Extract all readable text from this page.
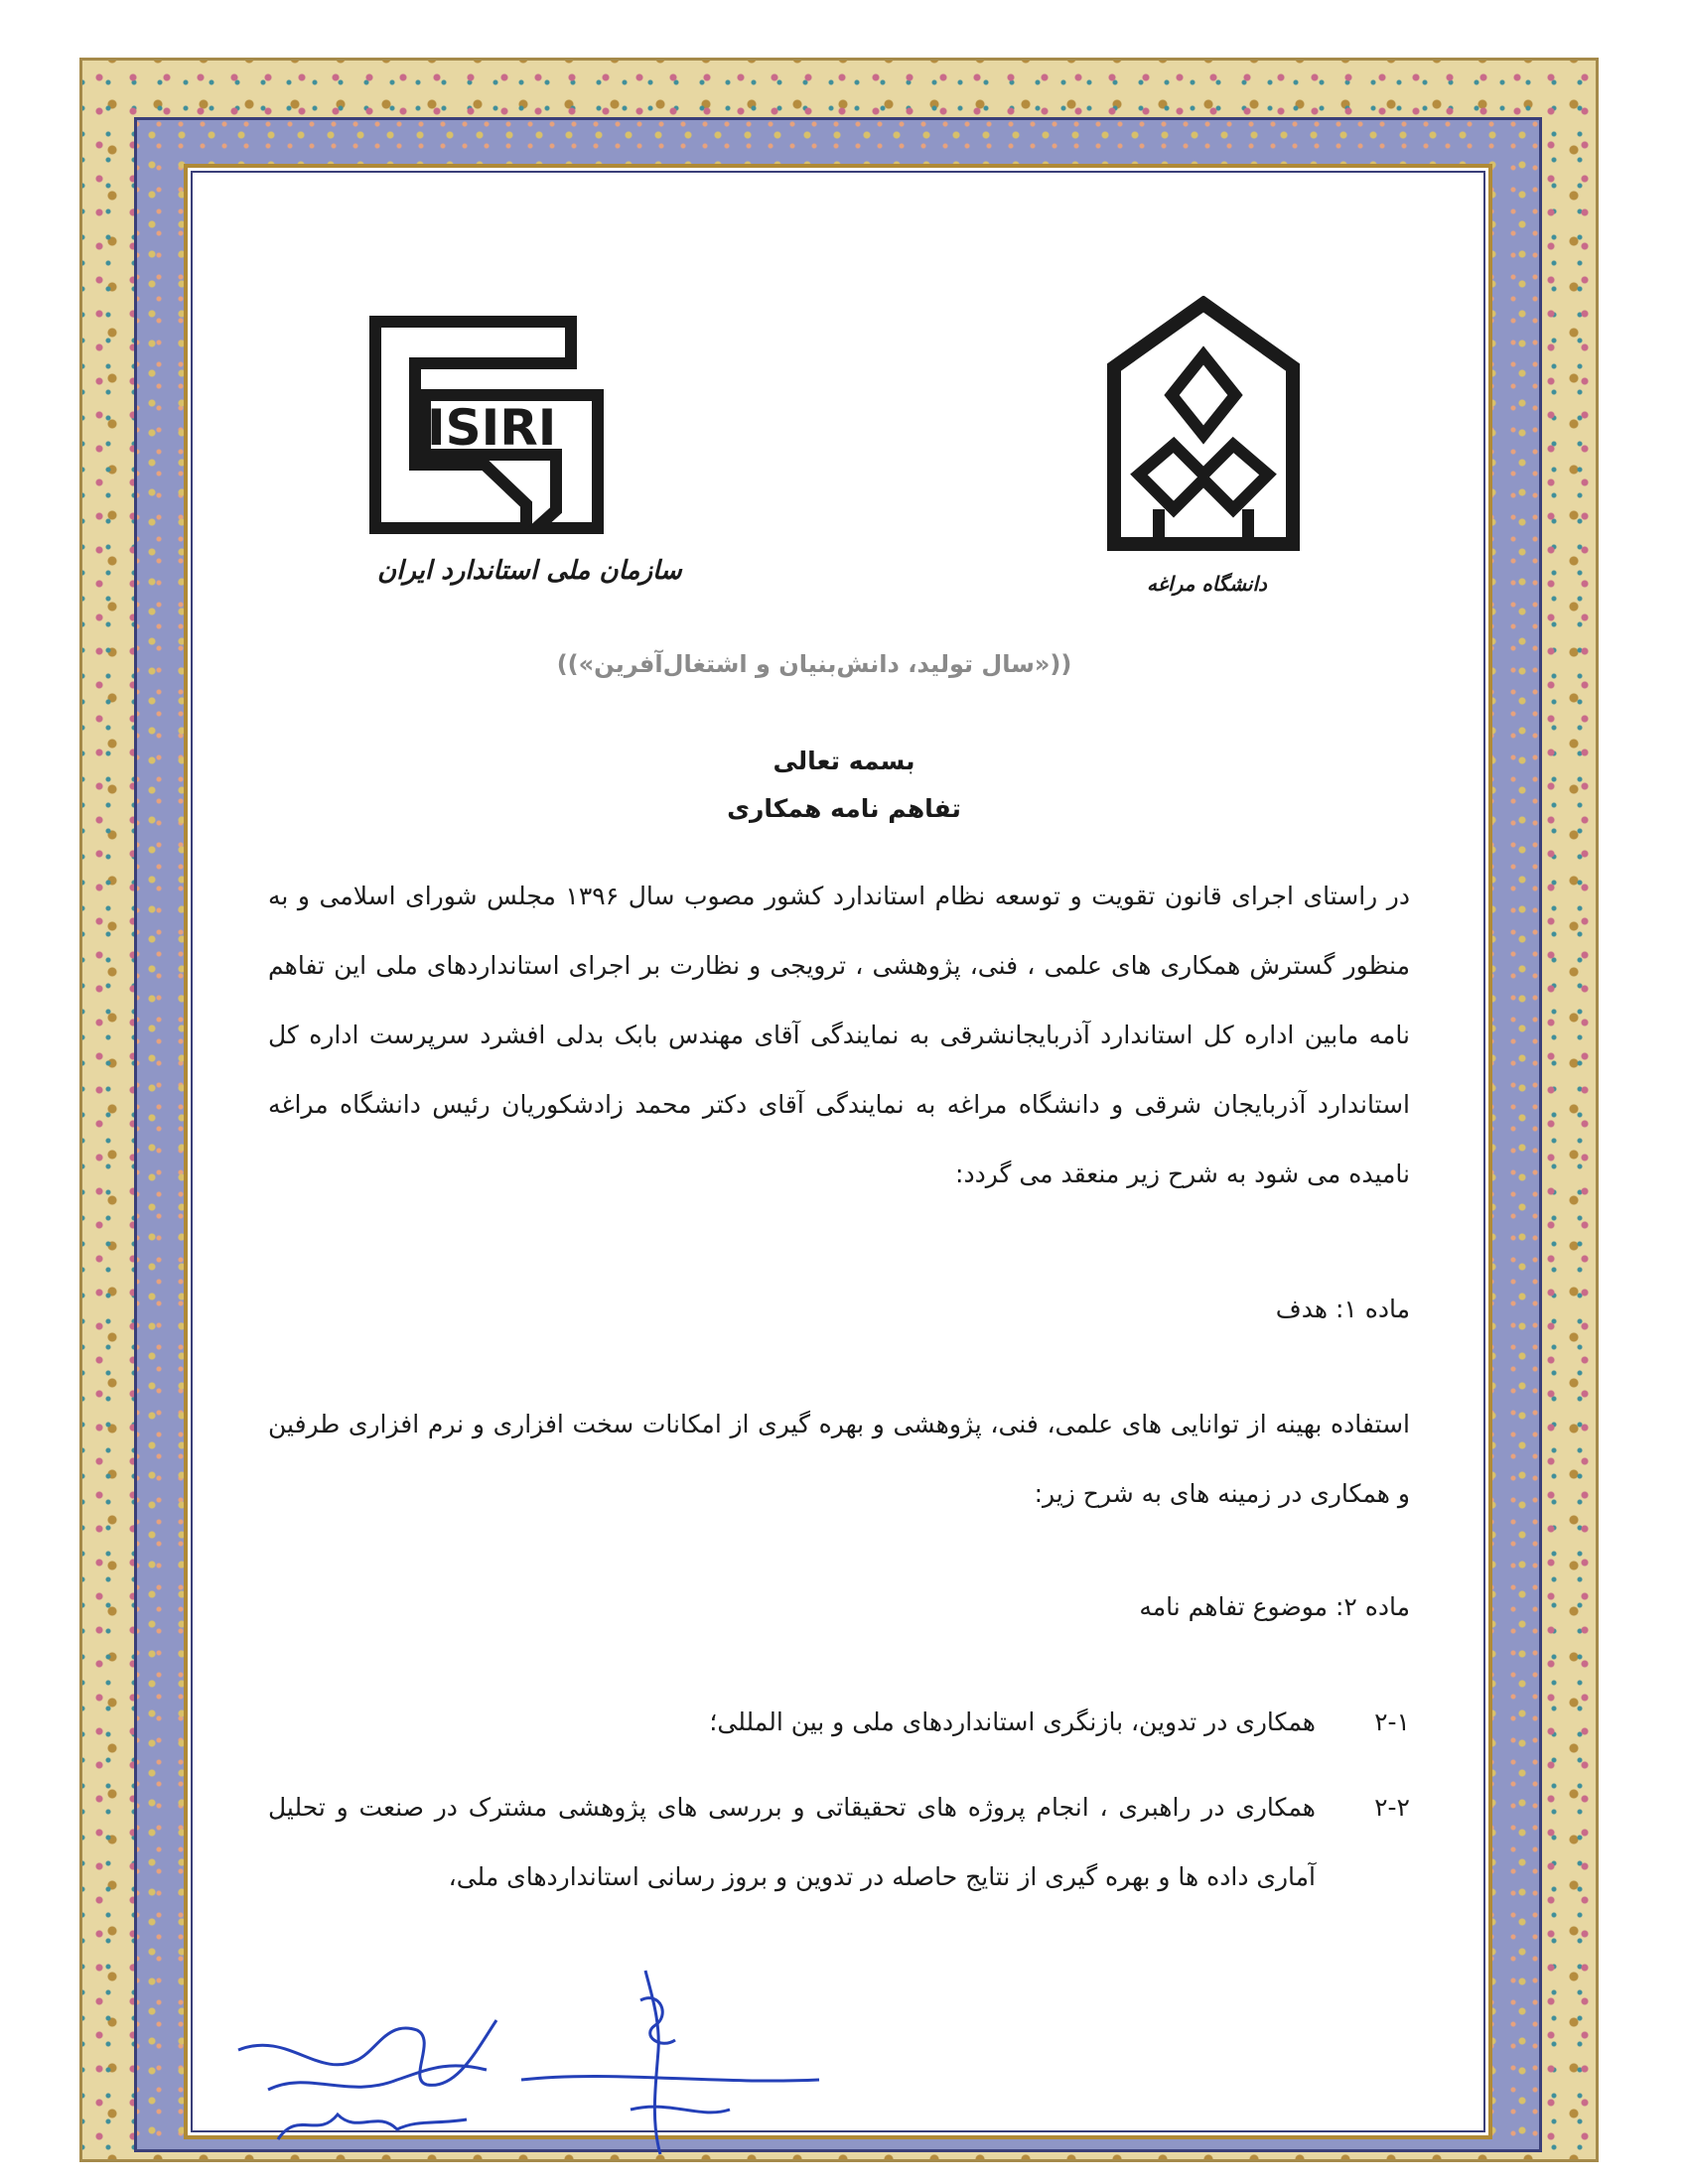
ISIRI
سازمان ملی استاندارد ایران	دانشگاه مراغه
((«سال تولید، دانش‌بنیان و اشتغال‌آفرین»))
بسمه تعالی
تفاهم نامه همکاری

در راستای اجرای قانون تقویت و توسعه نظام استاندارد کشور مصوب سال ۱۳۹۶ مجلس شورای اسلامی و به منظور گسترش همکاری های علمی ، فنی، پژوهشی ، ترویجی و نظارت بر اجرای استانداردهای ملی این تفاهم نامه مابین اداره کل استاندارد آذربایجانشرقی به نمایندگی آقای مهندس بابک بدلی افشرد سرپرست اداره کل استاندارد آذربایجان شرقی و دانشگاه مراغه به نمایندگی آقای دکتر محمد زادشکوریان رئیس دانشگاه مراغه نامیده می شود به شرح زیر منعقد می گردد:

ماده ۱: هدف

استفاده بهینه از توانایی های علمی، فنی، پژوهشی و بهره گیری از امکانات سخت افزاری و نرم افزاری طرفین و همکاری در زمینه های به شرح زیر:

ماده ۲: موضوع تفاهم نامه
۲-۱
همکاری در تدوین، بازنگری استانداردهای ملی و بین المللی؛
۲-۲
همکاری در راهبری ، انجام پروژه های تحقیقاتی و بررسی های پژوهشی مشترک در صنعت و تحلیل آماری داده ها و بهره گیری از نتایج حاصله در تدوین و بروز رسانی استانداردهای ملی،
